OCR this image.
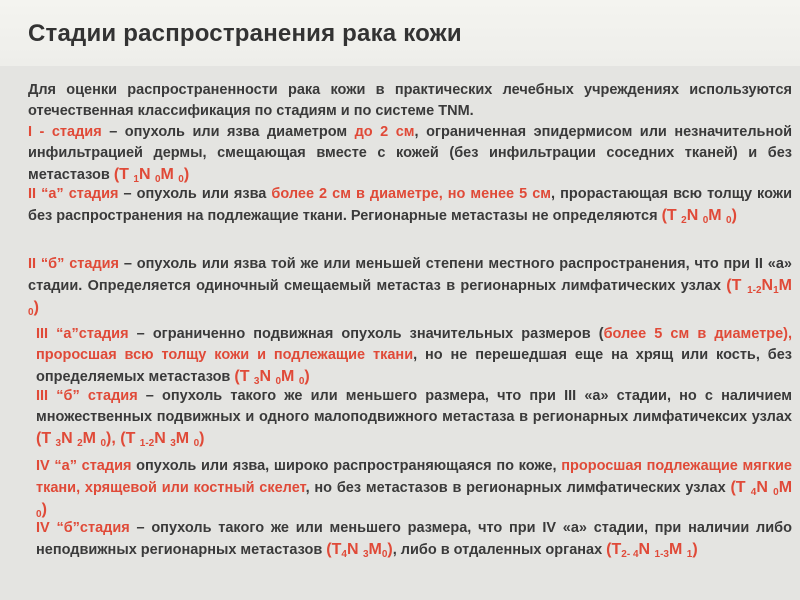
Стадии распространения рака кожи

Для оценки распространенности рака кожи в практических лечебных учреждениях используются отечественная классификация по стадиям и по системе TNM.

I - стадия – опухоль или язва диаметром до 2 см, ограниченная эпидермисом или незначительной инфильтрацией дермы, смещающая вместе с кожей (без инфильтрации соседних тканей) и без метастазов (T $_1$N $_0$M $_0$)

II “а” стадия – опухоль или язва более 2 см в диаметре, но менее 5 см, прорастающая всю толщу кожи без распространения на подлежащие ткани. Регионарные метастазы не определяются (T $_2$N $_0$M $_0$)

II “б” стадия – опухоль или язва той же или меньшей степени местного распространения, что при II «а» стадии. Определяется одиночный смещаемый метастаз в регионарных лимфатических узлах (T $_{1-2}N_1M$ $_0$)

III “а”стадия – ограниченно подвижная опухоль значительных размеров (более 5 см в диаметре), проросшая всю толщу кожи и подлежащие ткани, но не перешедшая еще на хрящ или кость, без определяемых метастазов (T $_3$N $_0$M $_0$)

III “б” стадия – опухоль такого же или меньшего размера, что при III «а» стадии, но с наличием множественных подвижных и одного малоподвижного метастаза в регионарных лимфатичексих узлах (T $_3$N $_2$M $_0$), (T $_{1-2}$N $_3$M $_0$)

IV “а” стадия опухоль или язва, широко распространяющаяся по коже, проросшая подлежащие мягкие ткани, хрящевой или костный скелет, но без метастазов в регионарных лимфатических узлах (T $_4$N $_0$M $_0$)

IV “б”стадия – опухоль такого же или меньшего размера, что при IV «а» стадии, при наличии либо неподвижных регионарных метастазов ($T_4N$ $_3M_0$), либо в отдаленных органах ($T_{2- 4}N$ $_{1-3}$M $_1$)
